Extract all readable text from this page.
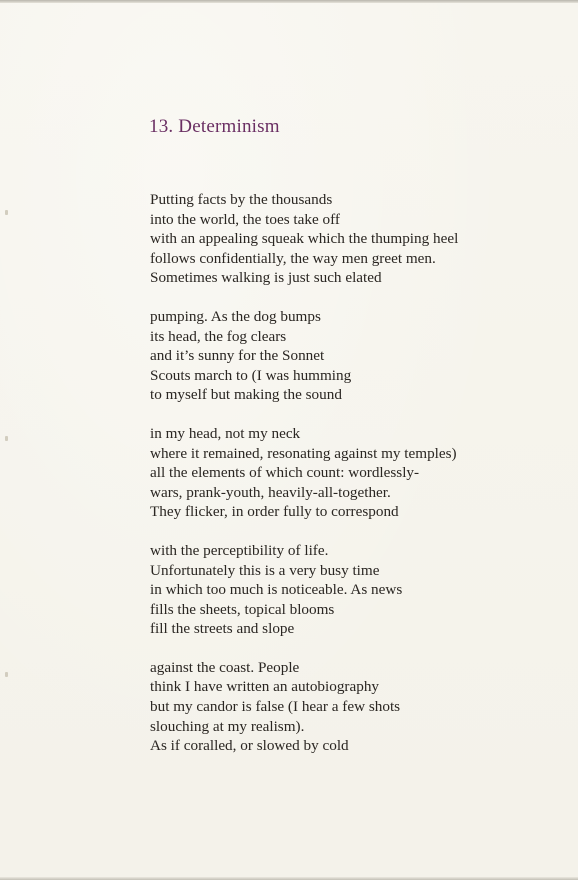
13. Determinism
Putting facts by the thousands
into the world, the toes take off
with an appealing squeak which the thumping heel
follows confidentially, the way men greet men.
Sometimes walking is just such elated
pumping. As the dog bumps
its head, the fog clears
and it’s sunny for the Sonnet
Scouts march to (I was humming
to myself but making the sound
in my head, not my neck
where it remained, resonating against my temples)
all the elements of which count: wordlessly-
wars, prank-youth, heavily-all-together.
They flicker, in order fully to correspond
with the perceptibility of life.
Unfortunately this is a very busy time
in which too much is noticeable. As news
fills the sheets, topical blooms
fill the streets and slope
against the coast. People
think I have written an autobiography
but my candor is false (I hear a few shots
slouching at my realism).
As if coralled, or slowed by cold
